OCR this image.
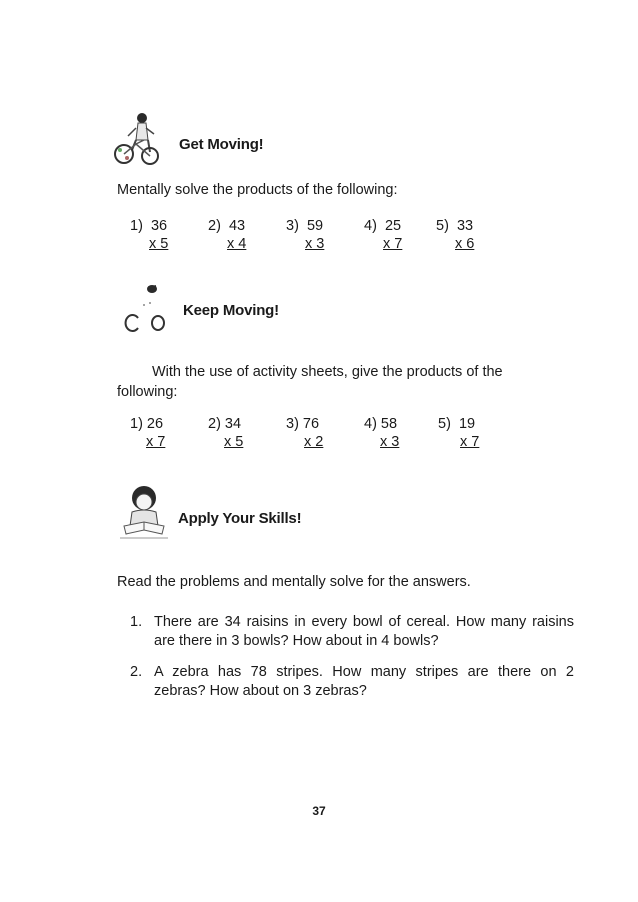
Get Moving!
Mentally solve the products of the following:
1)  36
x 5
2)  43
x 4
3)  59
x 3
4)  25
x 7
5)  33
x 6
Keep Moving!
With the use of activity sheets, give the products of the
following:
1) 26
x 7
2) 34
x 5
3) 76
x 2
4) 58
x 3
5)  19
x 7
Apply Your Skills!
Read the problems and mentally solve for the answers.
1. There are 34 raisins in every bowl of cereal. How many raisins
are there in 3 bowls? How about in 4 bowls?
2. A zebra has 78 stripes. How many stripes are there on 2
zebras? How about on 3 zebras?
37
